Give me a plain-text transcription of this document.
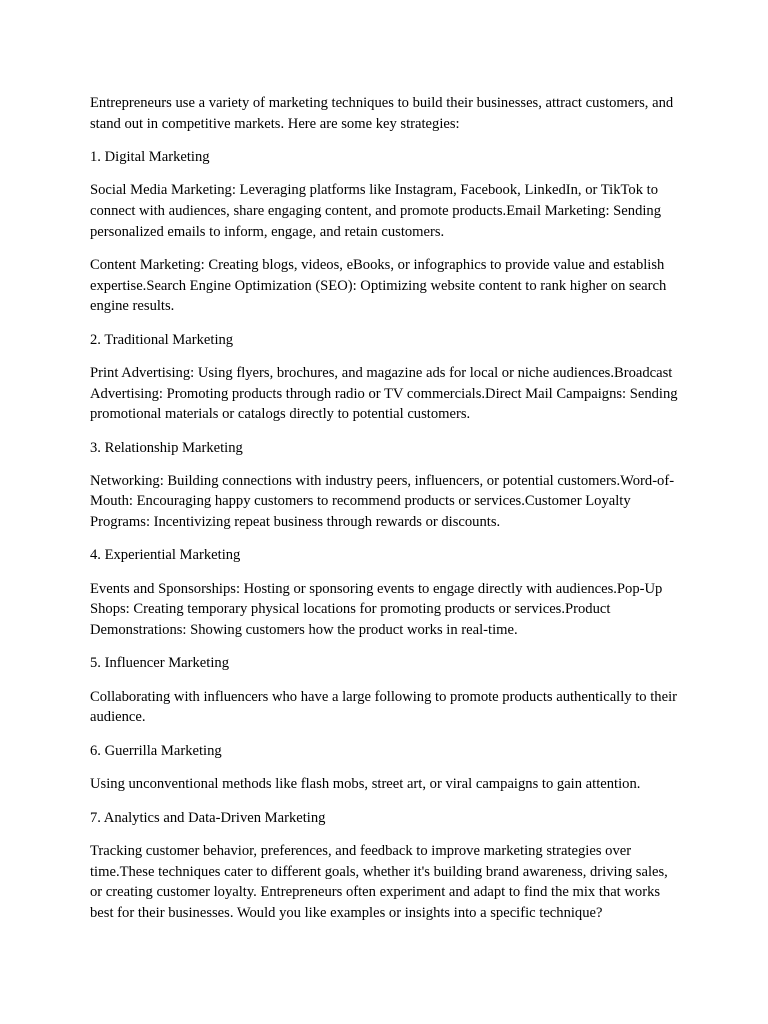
Entrepreneurs use a variety of marketing techniques to build their businesses, attract customers, and stand out in competitive markets. Here are some key strategies:

1. Digital Marketing

Social Media Marketing: Leveraging platforms like Instagram, Facebook, LinkedIn, or TikTok to connect with audiences, share engaging content, and promote products.Email Marketing: Sending personalized emails to inform, engage, and retain customers.

Content Marketing: Creating blogs, videos, eBooks, or infographics to provide value and establish expertise.Search Engine Optimization (SEO): Optimizing website content to rank higher on search engine results.

2. Traditional Marketing

Print Advertising: Using flyers, brochures, and magazine ads for local or niche audiences.Broadcast Advertising: Promoting products through radio or TV commercials.Direct Mail Campaigns: Sending promotional materials or catalogs directly to potential customers.

3. Relationship Marketing

Networking: Building connections with industry peers, influencers, or potential customers.Word-of-Mouth: Encouraging happy customers to recommend products or services.Customer Loyalty Programs: Incentivizing repeat business through rewards or discounts.

4. Experiential Marketing

Events and Sponsorships: Hosting or sponsoring events to engage directly with audiences.Pop-Up Shops: Creating temporary physical locations for promoting products or services.Product Demonstrations: Showing customers how the product works in real-time.

5. Influencer Marketing

Collaborating with influencers who have a large following to promote products authentically to their audience.

6. Guerrilla Marketing

Using unconventional methods like flash mobs, street art, or viral campaigns to gain attention.

7. Analytics and Data-Driven Marketing

Tracking customer behavior, preferences, and feedback to improve marketing strategies over time.These techniques cater to different goals, whether it's building brand awareness, driving sales, or creating customer loyalty. Entrepreneurs often experiment and adapt to find the mix that works best for their businesses. Would you like examples or insights into a specific technique?
